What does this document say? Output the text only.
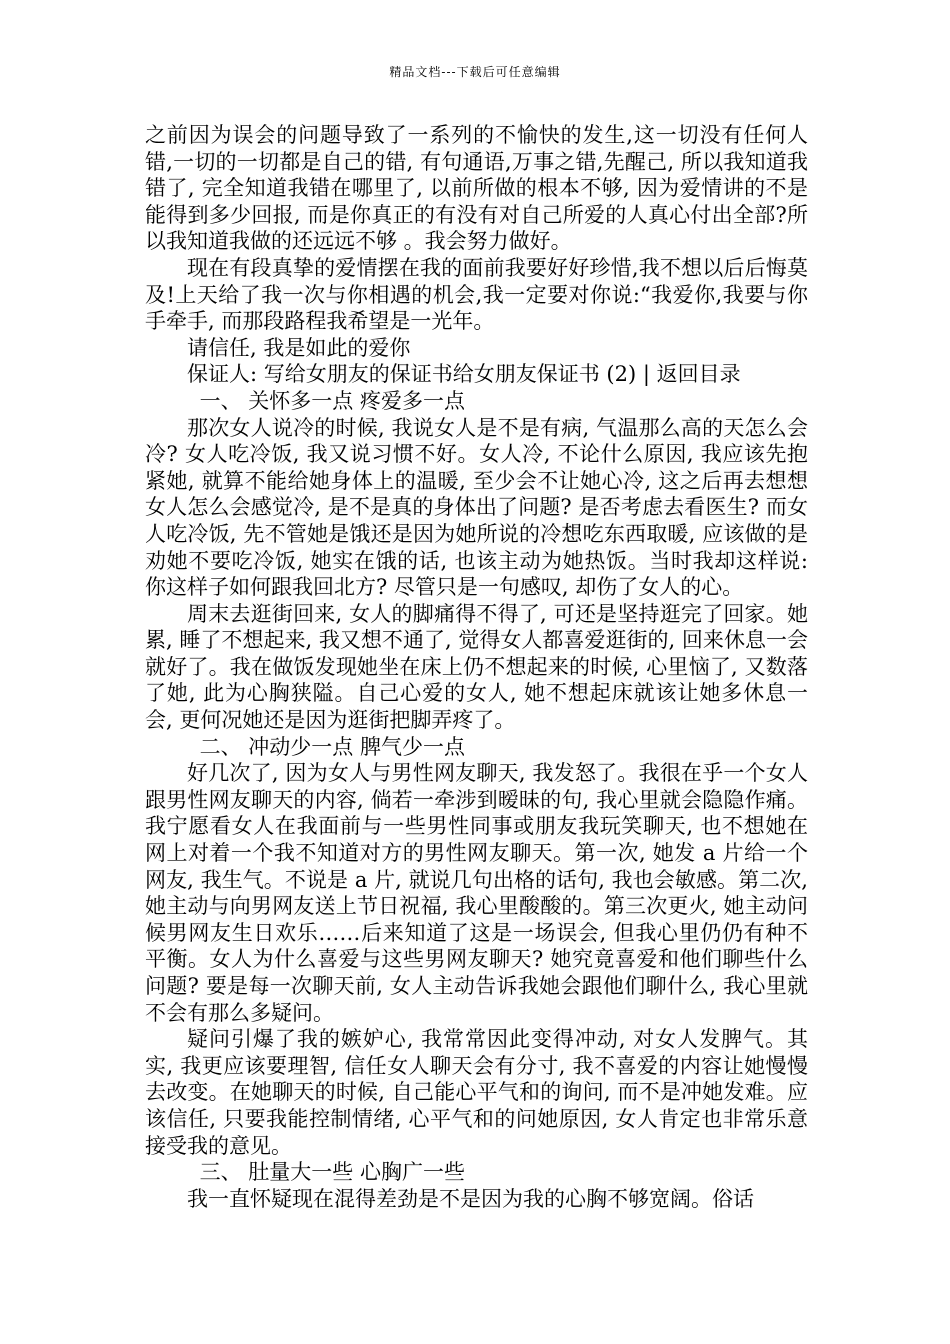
精品文档---下载后可任意编辑

之前因为误会的问题导致了一系列的不愉快的发生,这一切没有任何人错,一切的一切都是自己的错, 有句通语,万事之错,先醒己, 所以我知道我错了, 完全知道我错在哪里了, 以前所做的根本不够, 因为爱情讲的不是能得到多少回报, 而是你真正的有没有对自己所爱的人真心付出全部?所以我知道我做的还远远不够 。我会努力做好。

现在有段真挚的爱情摆在我的面前我要好好珍惜,我不想以后后悔莫及!上天给了我一次与你相遇的机会,我一定要对你说:“我爱你,我要与你手牵手, 而那段路程我希望是一光年。

请信任, 我是如此的爱你

保证人: 写给女朋友的保证书给女朋友保证书 (2) | 返回目录

一、 关怀多一点 疼爱多一点

那次女人说冷的时候, 我说女人是不是有病, 气温那么高的天怎么会冷? 女人吃冷饭, 我又说习惯不好。女人冷, 不论什么原因, 我应该先抱紧她, 就算不能给她身体上的温暖, 至少会不让她心冷, 这之后再去想想女人怎么会感觉冷, 是不是真的身体出了问题? 是否考虑去看医生? 而女人吃冷饭, 先不管她是饿还是因为她所说的冷想吃东西取暖, 应该做的是劝她不要吃冷饭, 她实在饿的话, 也该主动为她热饭。当时我却这样说: 你这样子如何跟我回北方? 尽管只是一句感叹, 却伤了女人的心。

周末去逛街回来, 女人的脚痛得不得了, 可还是坚持逛完了回家。她累, 睡了不想起来, 我又想不通了, 觉得女人都喜爱逛街的, 回来休息一会就好了。我在做饭发现她坐在床上仍不想起来的时候, 心里恼了, 又数落了她, 此为心胸狭隘。自己心爱的女人, 她不想起床就该让她多休息一会, 更何况她还是因为逛街把脚弄疼了。

二、 冲动少一点 脾气少一点

好几次了, 因为女人与男性网友聊天, 我发怒了。我很在乎一个女人跟男性网友聊天的内容, 倘若一牵涉到暧昧的句, 我心里就会隐隐作痛。我宁愿看女人在我面前与一些男性同事或朋友我玩笑聊天, 也不想她在网上对着一个我不知道对方的男性网友聊天。第一次, 她发 a 片给一个网友, 我生气。不说是 a 片, 就说几句出格的话句, 我也会敏感。第二次, 她主动与向男网友送上节日祝福, 我心里酸酸的。第三次更火, 她主动问候男网友生日欢乐……后来知道了这是一场误会, 但我心里仍仍有种不平衡。女人为什么喜爱与这些男网友聊天? 她究竟喜爱和他们聊些什么问题? 要是每一次聊天前, 女人主动告诉我她会跟他们聊什么, 我心里就不会有那么多疑问。

疑问引爆了我的嫉妒心, 我常常因此变得冲动, 对女人发脾气。其实, 我更应该要理智, 信任女人聊天会有分寸, 我不喜爱的内容让她慢慢去改变。在她聊天的时候, 自己能心平气和的询问, 而不是冲她发难。应该信任, 只要我能控制情绪, 心平气和的问她原因, 女人肯定也非常乐意接受我的意见。

三、 肚量大一些 心胸广一些

我一直怀疑现在混得差劲是不是因为我的心胸不够宽阔。俗话
